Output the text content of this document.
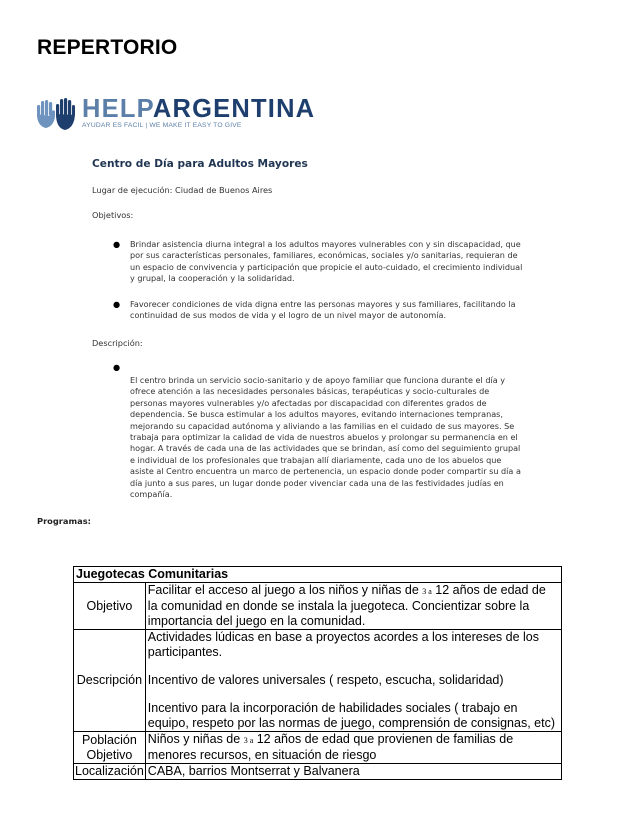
REPERTORIO
HELPARGENTINA
AYUDAR ES FACIL | WE MAKE IT EASY TO GIVE
Centro de Día para Adultos Mayores
Lugar de ejecución: Ciudad de Buenos Aires
Objetivos:
● Brindar asistencia diurna integral a los adultos mayores vulnerables con y sin discapacidad, que por sus características personales, familiares, económicas, sociales y/o sanitarias, requieran de un espacio de convivencia y participación que propicie el auto-cuidado, el crecimiento individual y grupal, la cooperación y la solidaridad.
● Favorecer condiciones de vida digna entre las personas mayores y sus familiares, facilitando la continuidad de sus modos de vida y el logro de un nivel mayor de autonomía.
Descripción:
●
El centro brinda un servicio socio-sanitario y de apoyo familiar que funciona durante el día y ofrece atención a las necesidades personales básicas, terapéuticas y socio-culturales de personas mayores vulnerables y/o afectadas por discapacidad con diferentes grados de dependencia. Se busca estimular a los adultos mayores, evitando internaciones tempranas, mejorando su capacidad autónoma y aliviando a las familias en el cuidado de sus mayores. Se trabaja para optimizar la calidad de vida de nuestros abuelos y prolongar su permanencia en el hogar. A través de cada una de las actividades que se brindan, así como del seguimiento grupal e individual de los profesionales que trabajan allí diariamente, cada uno de los abuelos que asiste al Centro encuentra un marco de pertenencia, un espacio donde poder compartir su día a día junto a sus pares, un lugar donde poder vivenciar cada una de las festividades judías en compañía.
Programas:
Juegotecas Comunitarias	
Objetivo	Facilitar el acceso al juego a los niños y niñas de 3 a 12 años de edad de la comunidad en donde se instala la juegoteca. Concientizar sobre la importancia del juego en la comunidad.
Descripción	Actividades lúdicas en base a proyectos acordes a los intereses de los participantes.
Incentivo de valores universales ( respeto, escucha, solidaridad)
Incentivo para la incorporación de habilidades sociales ( trabajo en equipo, respeto por las normas de juego, comprensión de consignas, etc)

Población
Objetivo	Niños y niñas de 3 a 12 años de edad que provienen de familias de menores recursos, en situación de riesgo
Localización	CABA, barrios Montserrat y Balvanera
